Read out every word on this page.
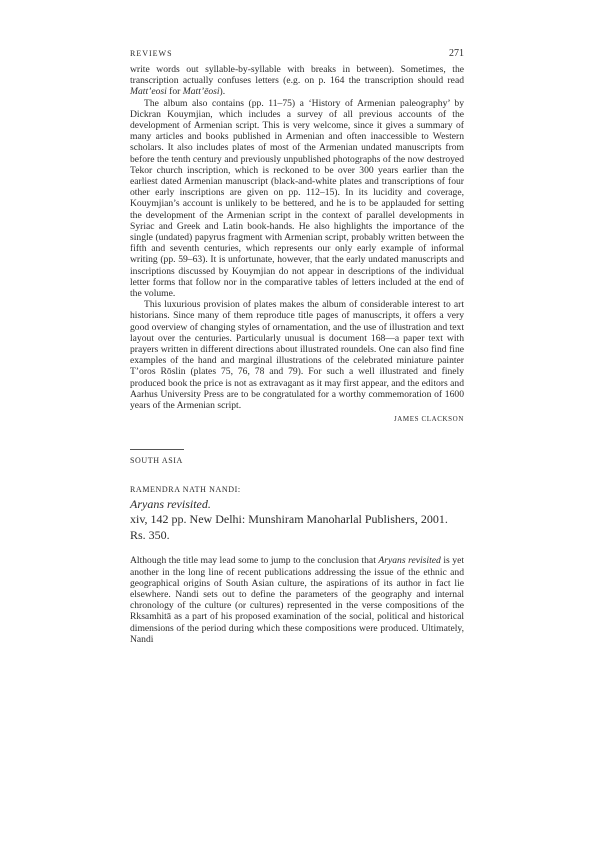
REVIEWS	271

write words out syllable-by-syllable with breaks in between). Sometimes, the transcription actually confuses letters (e.g. on p. 164 the transcription should read Matt’eosi for Matt’ēosi).

The album also contains (pp. 11–75) a ‘History of Armenian paleography’ by Dickran Kouymjian, which includes a survey of all previous accounts of the development of Armenian script. This is very welcome, since it gives a summary of many articles and books published in Armenian and often inaccessible to Western scholars. It also includes plates of most of the Armenian undated manuscripts from before the tenth century and previously unpublished photographs of the now destroyed Tekor church inscription, which is reckoned to be over 300 years earlier than the earliest dated Armenian manuscript (black-and-white plates and transcriptions of four other early inscriptions are given on pp. 112–15). In its lucidity and coverage, Kouymjian’s account is unlikely to be bettered, and he is to be applauded for setting the development of the Armenian script in the context of parallel developments in Syriac and Greek and Latin book-hands. He also highlights the importance of the single (undated) papyrus fragment with Armenian script, probably written between the fifth and seventh centuries, which represents our only early example of informal writing (pp. 59–63). It is unfortunate, however, that the early undated manuscripts and inscriptions discussed by Kouymjian do not appear in descriptions of the individual letter forms that follow nor in the comparative tables of letters included at the end of the volume.

This luxurious provision of plates makes the album of considerable interest to art historians. Since many of them reproduce title pages of manuscripts, it offers a very good overview of changing styles of ornamentation, and the use of illustration and text layout over the centuries. Particularly unusual is document 168—a paper text with prayers written in different directions about illustrated roundels. One can also find fine examples of the hand and marginal illustrations of the celebrated miniature painter T’oros Rōslin (plates 75, 76, 78 and 79). For such a well illustrated and finely produced book the price is not as extravagant as it may first appear, and the editors and Aarhus University Press are to be congratulated for a worthy commemoration of 1600 years of the Armenian script.

JAMES CLACKSON
SOUTH ASIA
RAMENDRA NATH NANDI:
Aryans revisited.
xiv, 142 pp. New Delhi: Munshiram Manoharlal Publishers, 2001.
Rs. 350.

Although the title may lead some to jump to the conclusion that Aryans revisited is yet another in the long line of recent publications addressing the issue of the ethnic and geographical origins of South Asian culture, the aspirations of its author in fact lie elsewhere. Nandi sets out to define the parameters of the geography and internal chronology of the culture (or cultures) represented in the verse compositions of the Rksamhitā as a part of his proposed examination of the social, political and historical dimensions of the period during which these compositions were produced. Ultimately, Nandi
